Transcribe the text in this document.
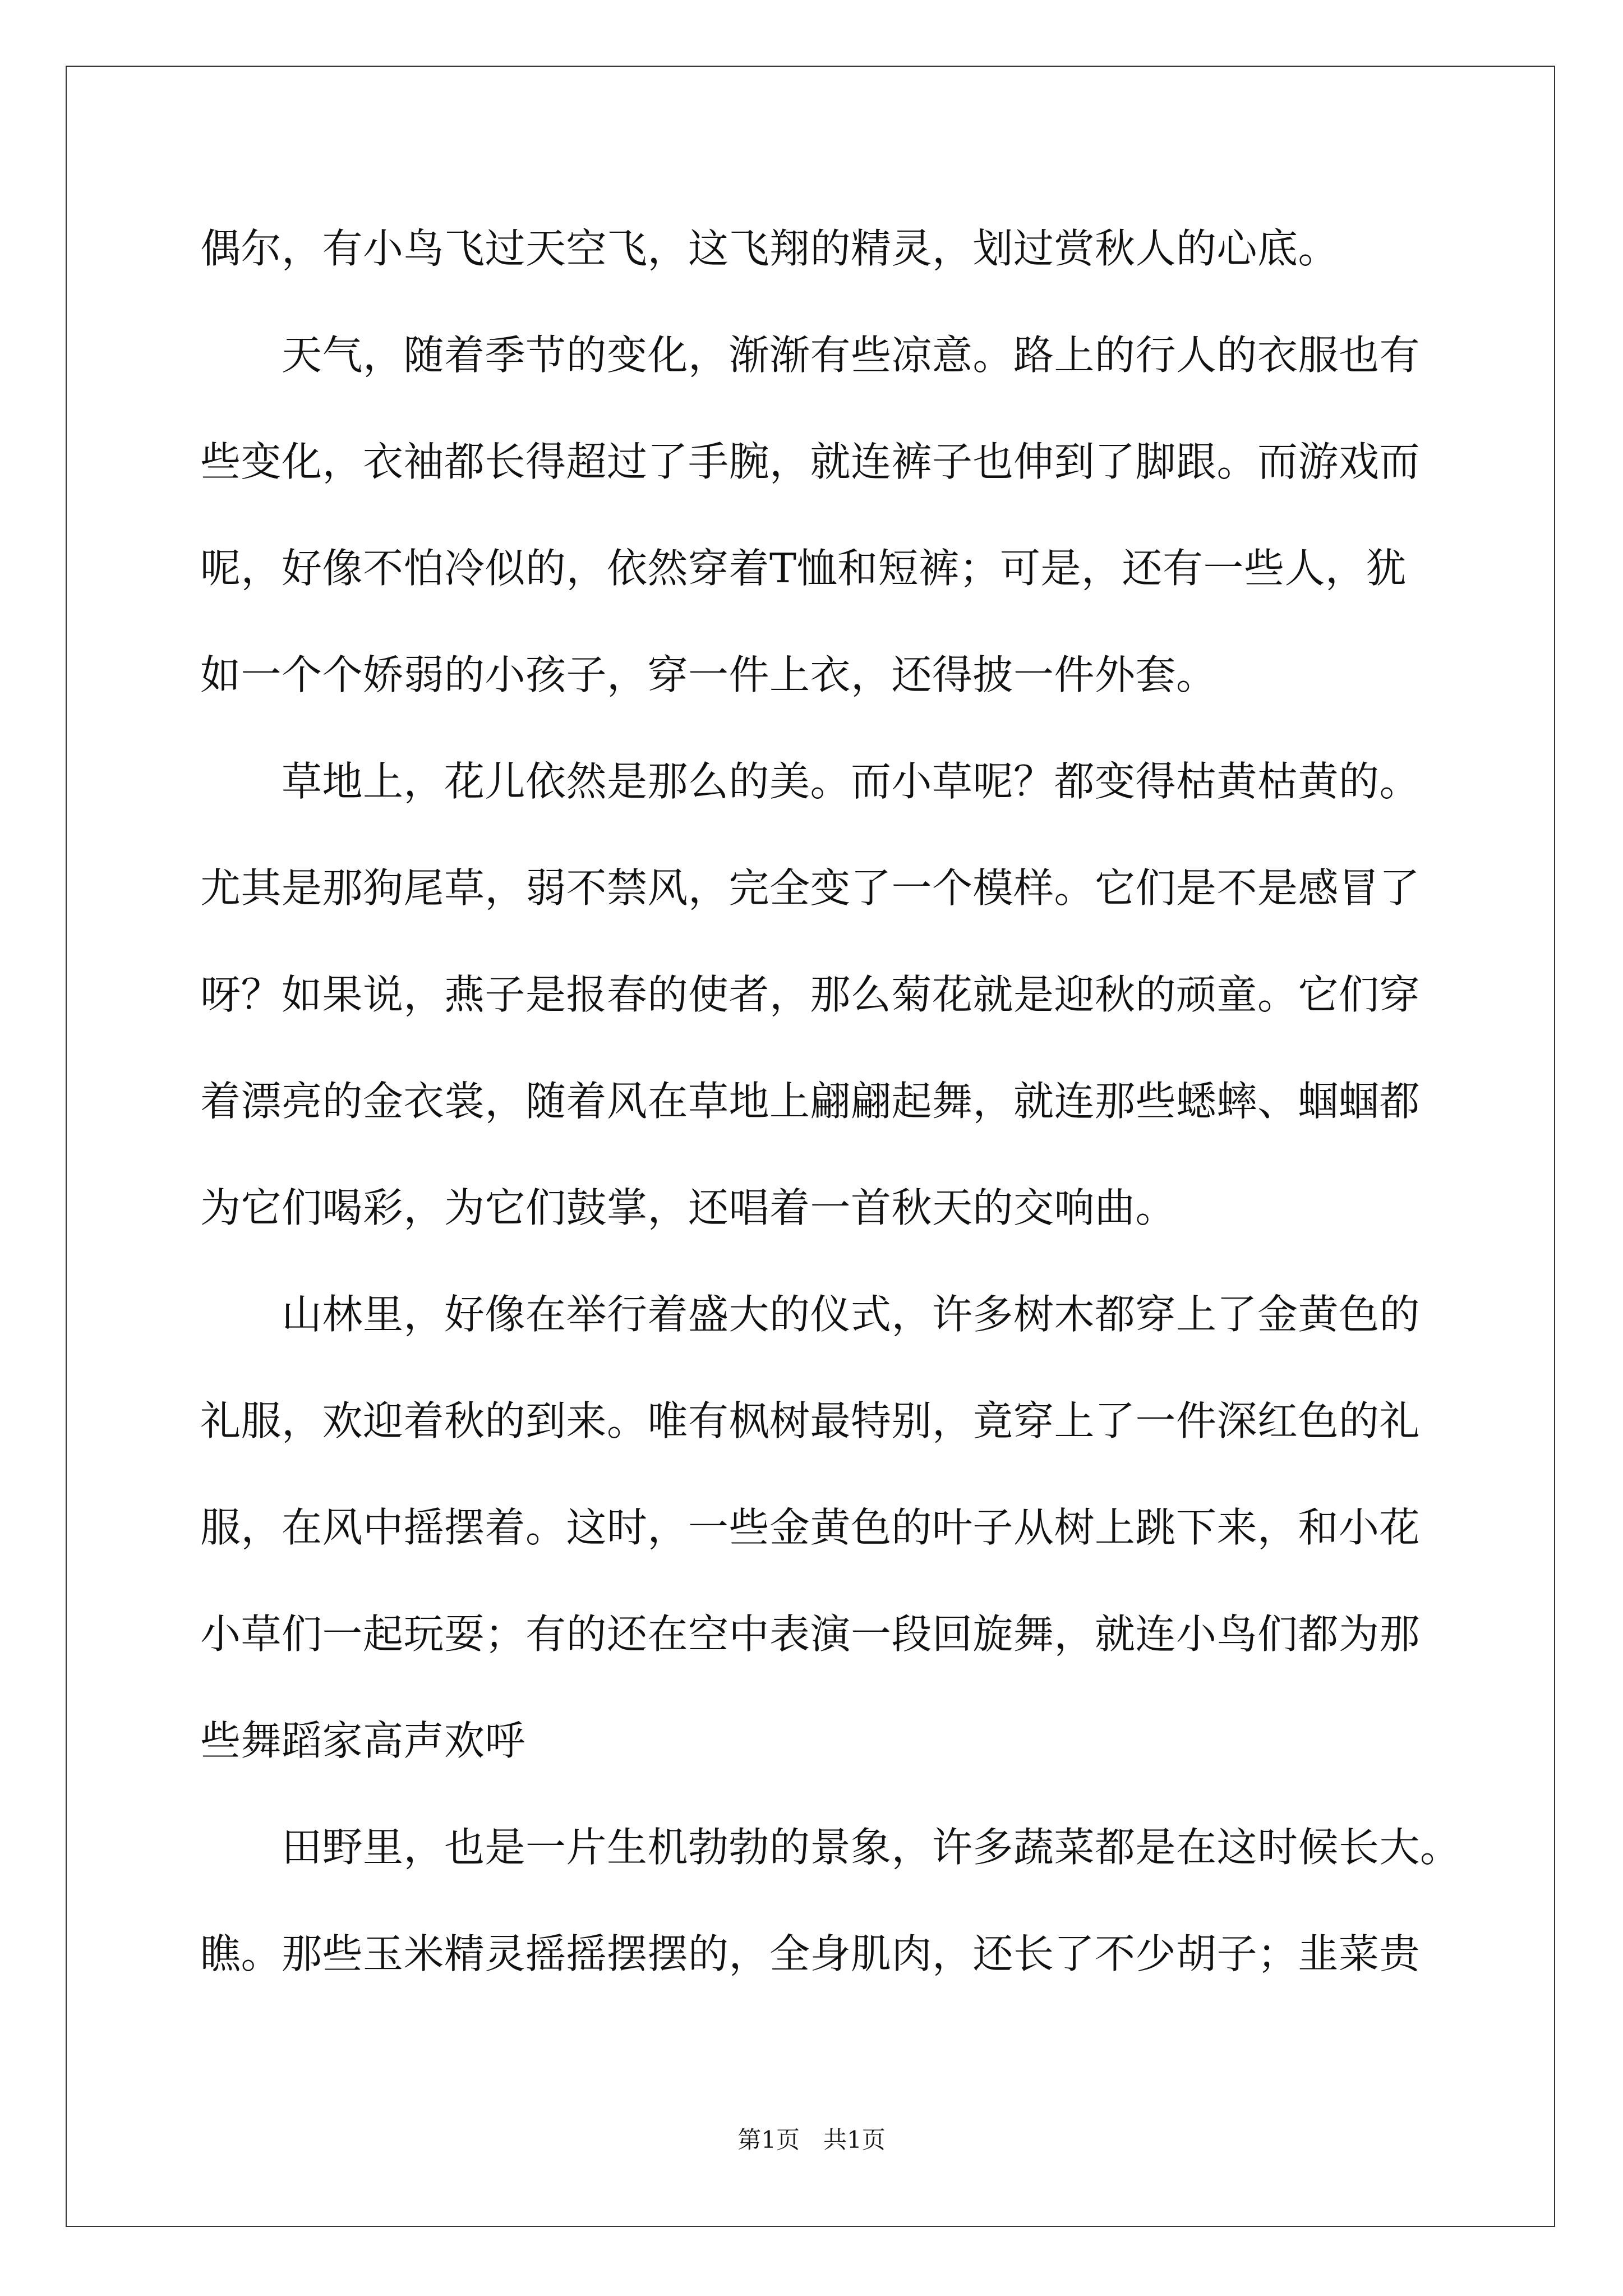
偶尔，有小鸟飞过天空飞，这飞翔的精灵，划过赏秋人的心底。
天气，随着季节的变化，渐渐有些凉意。路上的行人的衣服也有
些变化，衣袖都长得超过了手腕，就连裤子也伸到了脚跟。而游戏而
呢，好像不怕冷似的，依然穿着T恤和短裤；可是，还有一些人，犹
如一个个娇弱的小孩子，穿一件上衣，还得披一件外套。
草地上，花儿依然是那么的美。而小草呢？都变得枯黄枯黄的。
尤其是那狗尾草，弱不禁风，完全变了一个模样。它们是不是感冒了
呀？如果说，燕子是报春的使者，那么菊花就是迎秋的顽童。它们穿
着漂亮的金衣裳，随着风在草地上翩翩起舞，就连那些蟋蟀、蝈蝈都
为它们喝彩，为它们鼓掌，还唱着一首秋天的交响曲。
山林里，好像在举行着盛大的仪式，许多树木都穿上了金黄色的
礼服，欢迎着秋的到来。唯有枫树最特别，竟穿上了一件深红色的礼
服，在风中摇摆着。这时，一些金黄色的叶子从树上跳下来，和小花
小草们一起玩耍；有的还在空中表演一段回旋舞，就连小鸟们都为那
些舞蹈家高声欢呼
田野里，也是一片生机勃勃的景象，许多蔬菜都是在这时候长大。
瞧。那些玉米精灵摇摇摆摆的，全身肌肉，还长了不少胡子；韭菜贵
第1页　共1页
